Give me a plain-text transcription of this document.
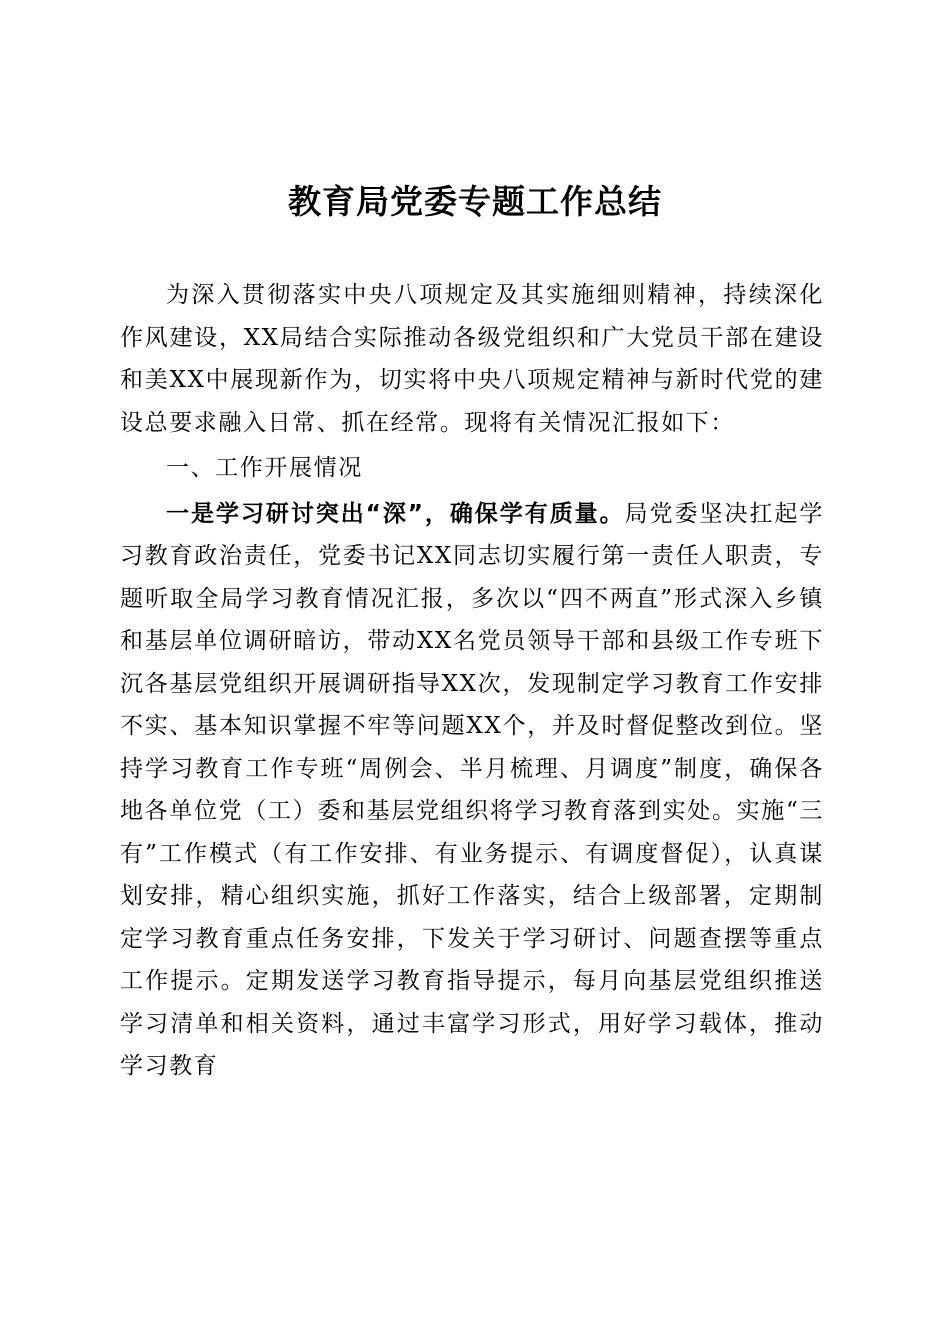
教育局党委专题工作总结

为深入贯彻落实中央八项规定及其实施细则精神，持续深化作风建设，XX局结合实际推动各级党组织和广大党员干部在建设和美XX中展现新作为，切实将中央八项规定精神与新时代党的建设总要求融入日常、抓在经常。现将有关情况汇报如下：

一、工作开展情况

一是学习研讨突出“深”，确保学有质量。局党委坚决扛起学习教育政治责任，党委书记XX同志切实履行第一责任人职责，专题听取全局学习教育情况汇报，多次以“四不两直”形式深入乡镇和基层单位调研暗访，带动XX名党员领导干部和县级工作专班下沉各基层党组织开展调研指导XX次，发现制定学习教育工作安排不实、基本知识掌握不牢等问题XX个，并及时督促整改到位。坚持学习教育工作专班“周例会、半月梳理、月调度”制度，确保各地各单位党（工）委和基层党组织将学习教育落到实处。实施“三有”工作模式（有工作安排、有业务提示、有调度督促），认真谋划安排，精心组织实施，抓好工作落实，结合上级部署，定期制定学习教育重点任务安排，下发关于学习研讨、问题查摆等重点工作提示。定期发送学习教育指导提示，每月向基层党组织推送学习清单和相关资料，通过丰富学习形式，用好学习载体，推动学习教育
